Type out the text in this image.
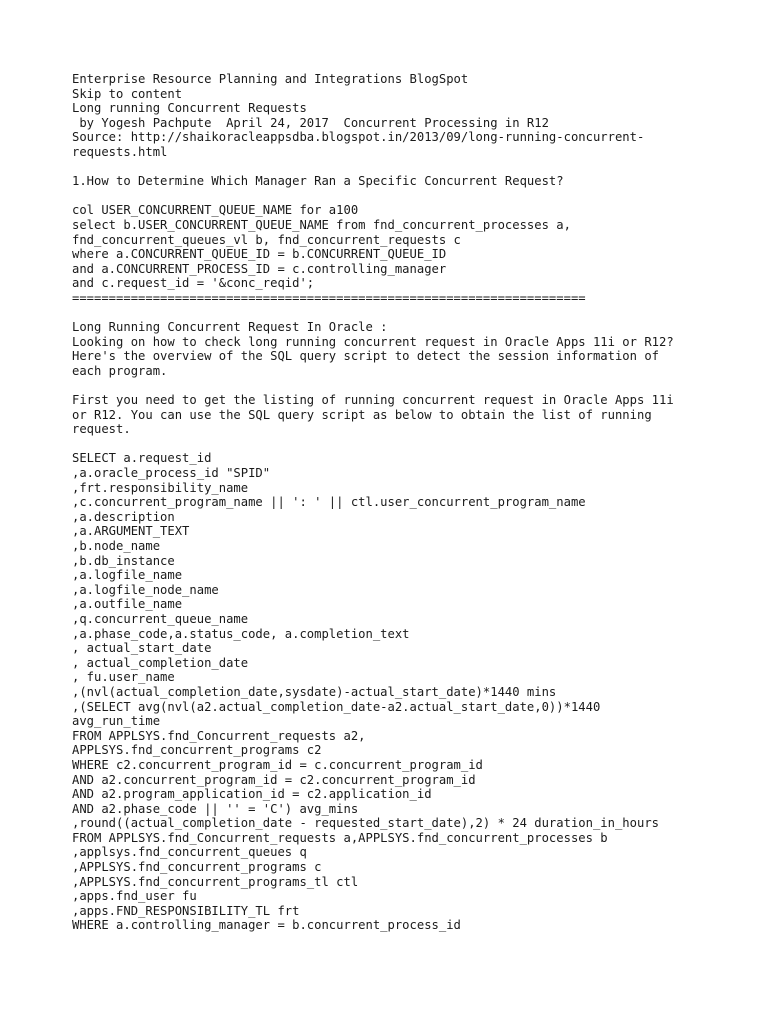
Enterprise Resource Planning and Integrations BlogSpot
Skip to content
Long running Concurrent Requests
by Yogesh Pachpute  April 24, 2017  Concurrent Processing in R12
Source: http://shaikoracleappsdba.blogspot.in/2013/09/long-running-concurrent-
requests.html
1.How to Determine Which Manager Ran a Specific Concurrent Request?
col USER_CONCURRENT_QUEUE_NAME for a100
select b.USER_CONCURRENT_QUEUE_NAME from fnd_concurrent_processes a,
fnd_concurrent_queues_vl b, fnd_concurrent_requests c
where a.CONCURRENT_QUEUE_ID = b.CONCURRENT_QUEUE_ID
and a.CONCURRENT_PROCESS_ID = c.controlling_manager
and c.request_id = '&conc_reqid';
======================================================================
Long Running Concurrent Request In Oracle :
Looking on how to check long running concurrent request in Oracle Apps 11i or R12?
Here's the overview of the SQL query script to detect the session information of
each program.
First you need to get the listing of running concurrent request in Oracle Apps 11i
or R12. You can use the SQL query script as below to obtain the list of running
request.
SELECT a.request_id
,a.oracle_process_id "SPID"
,frt.responsibility_name
,c.concurrent_program_name || ': ' || ctl.user_concurrent_program_name
,a.description
,a.ARGUMENT_TEXT
,b.node_name
,b.db_instance
,a.logfile_name
,a.logfile_node_name
,a.outfile_name
,q.concurrent_queue_name
,a.phase_code,a.status_code, a.completion_text
, actual_start_date
, actual_completion_date
, fu.user_name
,(nvl(actual_completion_date,sysdate)-actual_start_date)*1440 mins
,(SELECT avg(nvl(a2.actual_completion_date-a2.actual_start_date,0))*1440
avg_run_time
FROM APPLSYS.fnd_Concurrent_requests a2,
APPLSYS.fnd_concurrent_programs c2
WHERE c2.concurrent_program_id = c.concurrent_program_id
AND a2.concurrent_program_id = c2.concurrent_program_id
AND a2.program_application_id = c2.application_id
AND a2.phase_code || '' = 'C') avg_mins
,round((actual_completion_date - requested_start_date),2) * 24 duration_in_hours
FROM APPLSYS.fnd_Concurrent_requests a,APPLSYS.fnd_concurrent_processes b
,applsys.fnd_concurrent_queues q
,APPLSYS.fnd_concurrent_programs c
,APPLSYS.fnd_concurrent_programs_tl ctl
,apps.fnd_user fu
,apps.FND_RESPONSIBILITY_TL frt
WHERE a.controlling_manager = b.concurrent_process_id
